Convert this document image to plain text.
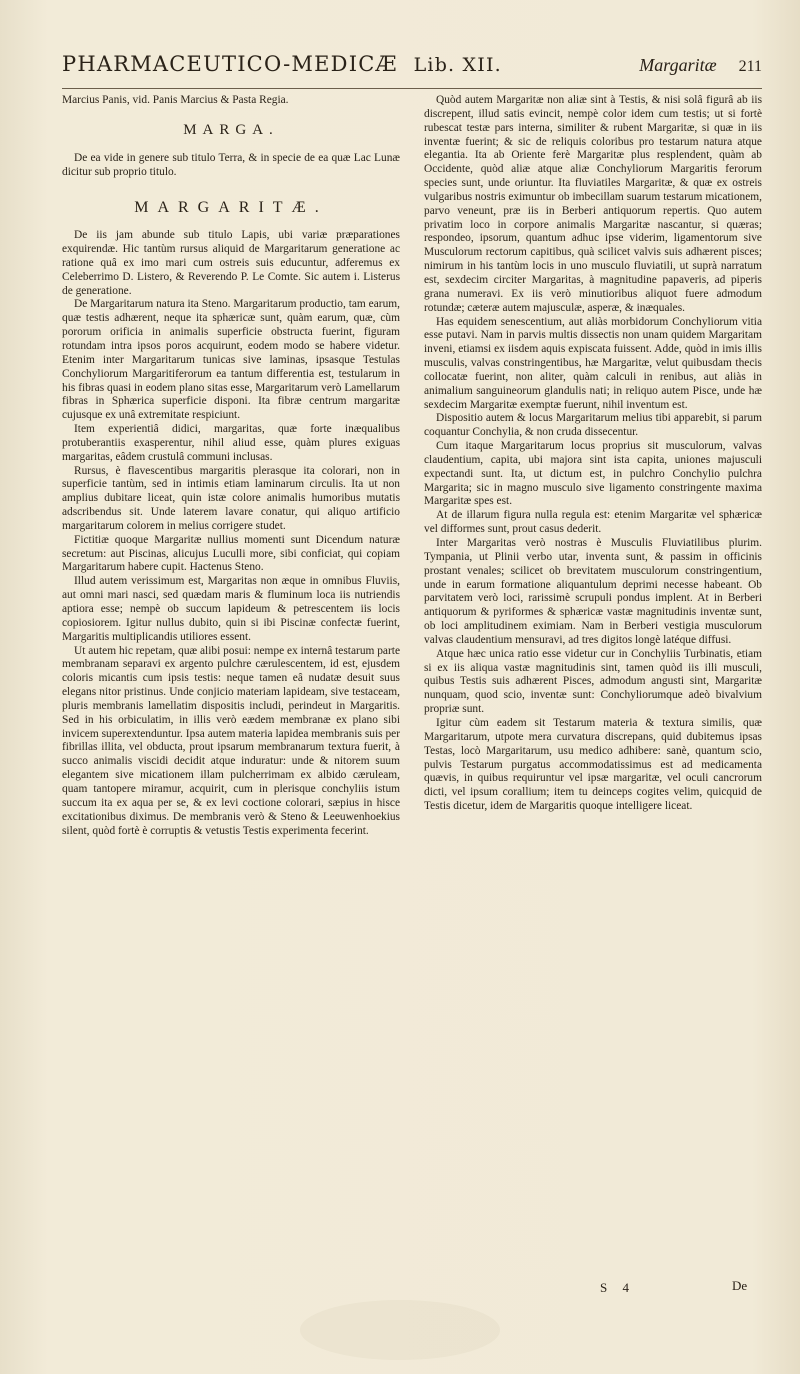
PHARMACEUTICO-MEDICÆ Lib. XII.	Margaritæ 211

Marcius Panis, vid. Panis Marcius & Pasta Regia.

MARGA.

De ea vide in genere sub titulo Terra, & in specie de ea quæ Lac Lunæ dicitur sub proprio titulo.

MARGARITÆ.

De iis jam abunde sub titulo Lapis, ubi variæ præparationes exquirendæ. Hic tantùm rursus aliquid de Margaritarum generatione ac ratione quâ ex imo mari cum ostreis suis educuntur, adferemus ex Celeberrimo D. Listero, & Reverendo P. Le Comte. Sic autem i. Listerus de generatione.

De Margaritarum natura ita Steno. Margaritarum productio, tam earum, quæ testis adhærent, neque ita sphæricæ sunt, quàm earum, quæ, cùm pororum orificia in animalis superficie obstructa fuerint, figuram rotundam intra ipsos poros acquirunt, eodem modo se habere videtur. Etenim inter Margaritarum tunicas sive laminas, ipsasque Testulas Conchyliorum Margaritiferorum ea tantum differentia est, testularum in his fibras quasi in eodem plano sitas esse, Margaritarum verò Lamellarum fibras in Sphærica superficie disponi. Ita fibræ centrum margaritæ cujusque ex unâ extremitate respiciunt.

Item experientiâ didici, margaritas, quæ forte inæqualibus protuberantiis exasperentur, nihil aliud esse, quàm plures exiguas margaritas, eâdem crustulâ communi inclusas.

Rursus, è flavescentibus margaritis plerasque ita colorari, non in superficie tantùm, sed in intimis etiam laminarum circulis. Ita ut non amplius dubitare liceat, quin istæ colore animalis humoribus mutatis adscribendus sit. Unde laterem lavare conatur, qui aliquo artificio margaritarum colorem in melius corrigere studet.

Fictitiæ quoque Margaritæ nullius momenti sunt Dicendum naturæ secretum: aut Piscinas, alicujus Luculli more, sibi conficiat, qui copiam Margaritarum habere cupit. Hactenus Steno.

Illud autem verissimum est, Margaritas non æque in omnibus Fluviis, aut omni mari nasci, sed quædam maris & fluminum loca iis nutriendis aptiora esse; nempè ob succum lapideum & petrescentem iis locis copiosiorem. Igitur nullus dubito, quin si ibi Piscinæ confectæ fuerint, Margaritis multiplicandis utiliores essent.

Ut autem hic repetam, quæ alibi posui: nempe ex internâ testarum parte membranam separavi ex argento pulchre cærulescentem, id est, ejusdem coloris micantis cum ipsis testis: neque tamen eâ nudatæ desuit suus elegans nitor pristinus. Unde conjicio materiam lapideam, sive testaceam, pluris membranis lamellatim dispositis includi, perindeut in Margaritis. Sed in his orbiculatim, in illis verò eædem membranæ ex plano sibi invicem superextenduntur. Ipsa autem materia lapidea membranis suis per fibrillas illita, vel obducta, prout ipsarum membranarum textura fuerit, à succo animalis viscidi decidit atque induratur: unde & nitorem suum elegantem sive micationem illam pulcherrimam ex albido cæruleam, quam tantopere miramur, acquirit, cum in plerisque conchyliis istum succum ita ex aqua per se, & ex levi coctione colorari, sæpius in hisce excitationibus diximus. De membranis verò & Steno & Leeuwenhoekius silent, quòd fortè è corruptis & vetustis Testis experimenta fecerint.

Quòd autem Margaritæ non aliæ sint à Testis, & nisi solâ figurâ ab iis discrepent, illud satis evincit, nempè color idem cum testis; ut si fortè rubescat testæ pars interna, similiter & rubent Margaritæ, si quæ in iis inventæ fuerint; & sic de reliquis coloribus pro testarum natura atque elegantia. Ita ab Oriente ferè Margaritæ plus resplendent, quàm ab Occidente, quòd aliæ atque aliæ Conchyliorum Margaritis ferorum species sunt, unde oriuntur. Ita fluviatiles Margaritæ, & quæ ex ostreis vulgaribus nostris eximuntur ob imbecillam suarum testarum micationem, parvo veneunt, præ iis in Berberi antiquorum repertis. Quo autem privatim loco in corpore animalis Margaritæ nascantur, si quæras; respondeo, ipsorum, quantum adhuc ipse viderim, ligamentorum sive Musculorum rectorum capitibus, quà scilicet valvis suis adhærent pisces; nimirum in his tantùm locis in uno musculo fluviatili, ut suprà narratum est, sexdecim circiter Margaritas, à magnitudine papaveris, ad piperis grana numeravi. Ex iis verò minutioribus aliquot fuere admodum rotundæ; cæteræ autem majusculæ, asperæ, & inæquales.

Has equidem senescentium, aut aliàs morbidorum Conchyliorum vitia esse putavi. Nam in parvis multis dissectis non unam quidem Margaritam inveni, etiamsi ex iisdem aquis expiscata fuissent. Adde, quòd in imis illis musculis, valvas constringentibus, hæ Margaritæ, velut quibusdam thecis collocatæ fuerint, non aliter, quàm calculi in renibus, aut aliàs in animalium sanguineorum glandulis nati; in reliquo autem Pisce, unde hæ sexdecim Margaritæ exemptæ fuerunt, nihil inventum est.

Dispositio autem & locus Margaritarum melius tibi apparebit, si parum coquantur Conchylia, & non cruda dissecentur.

Cum itaque Margaritarum locus proprius sit musculorum, valvas claudentium, capita, ubi majora sint ista capita, uniones majusculi expectandi sunt. Ita, ut dictum est, in pulchro Conchylio pulchra Margarita; sic in magno musculo sive ligamento constringente maxima Margaritæ spes est.

At de illarum figura nulla regula est: etenim Margaritæ vel sphæricæ vel difformes sunt, prout casus dederit.

Inter Margaritas verò nostras è Musculis Fluviatilibus plurim. Tympania, ut Plinii verbo utar, inventa sunt, & passim in officinis prostant venales; scilicet ob brevitatem musculorum constringentium, unde in earum formatione aliquantulum deprimi necesse habeant. Ob parvitatem verò loci, rarissimè scrupuli pondus implent. At in Berberi antiquorum & pyriformes & sphæricæ vastæ magnitudinis inventæ sunt, ob loci amplitudinem eximiam. Nam in Berberi vestigia musculorum valvas claudentium mensuravi, ad tres digitos longè latéque diffusi.

Atque hæc unica ratio esse videtur cur in Conchyliis Turbinatis, etiam si ex iis aliqua vastæ magnitudinis sint, tamen quòd iis illi musculi, quibus Testis suis adhærent Pisces, admodum angusti sint, Margaritæ nunquam, quod scio, inventæ sunt: Conchyliorumque adeò bivalvium propriæ sunt.

Igitur cùm eadem sit Testarum materia & textura similis, quæ Margaritarum, utpote mera curvatura discrepans, quid dubitemus ipsas Testas, locò Margaritarum, usu medico adhibere: sanè, quantum scio, pulvis Testarum purgatus accommodatissimus est ad medicamenta quævis, in quibus requiruntur vel ipsæ margaritæ, vel oculi cancrorum dicti, vel ipsum corallium; item tu deinceps cogites velim, quicquid de Testis dicetur, idem de Margaritis quoque intelligere liceat.

S 4	De
